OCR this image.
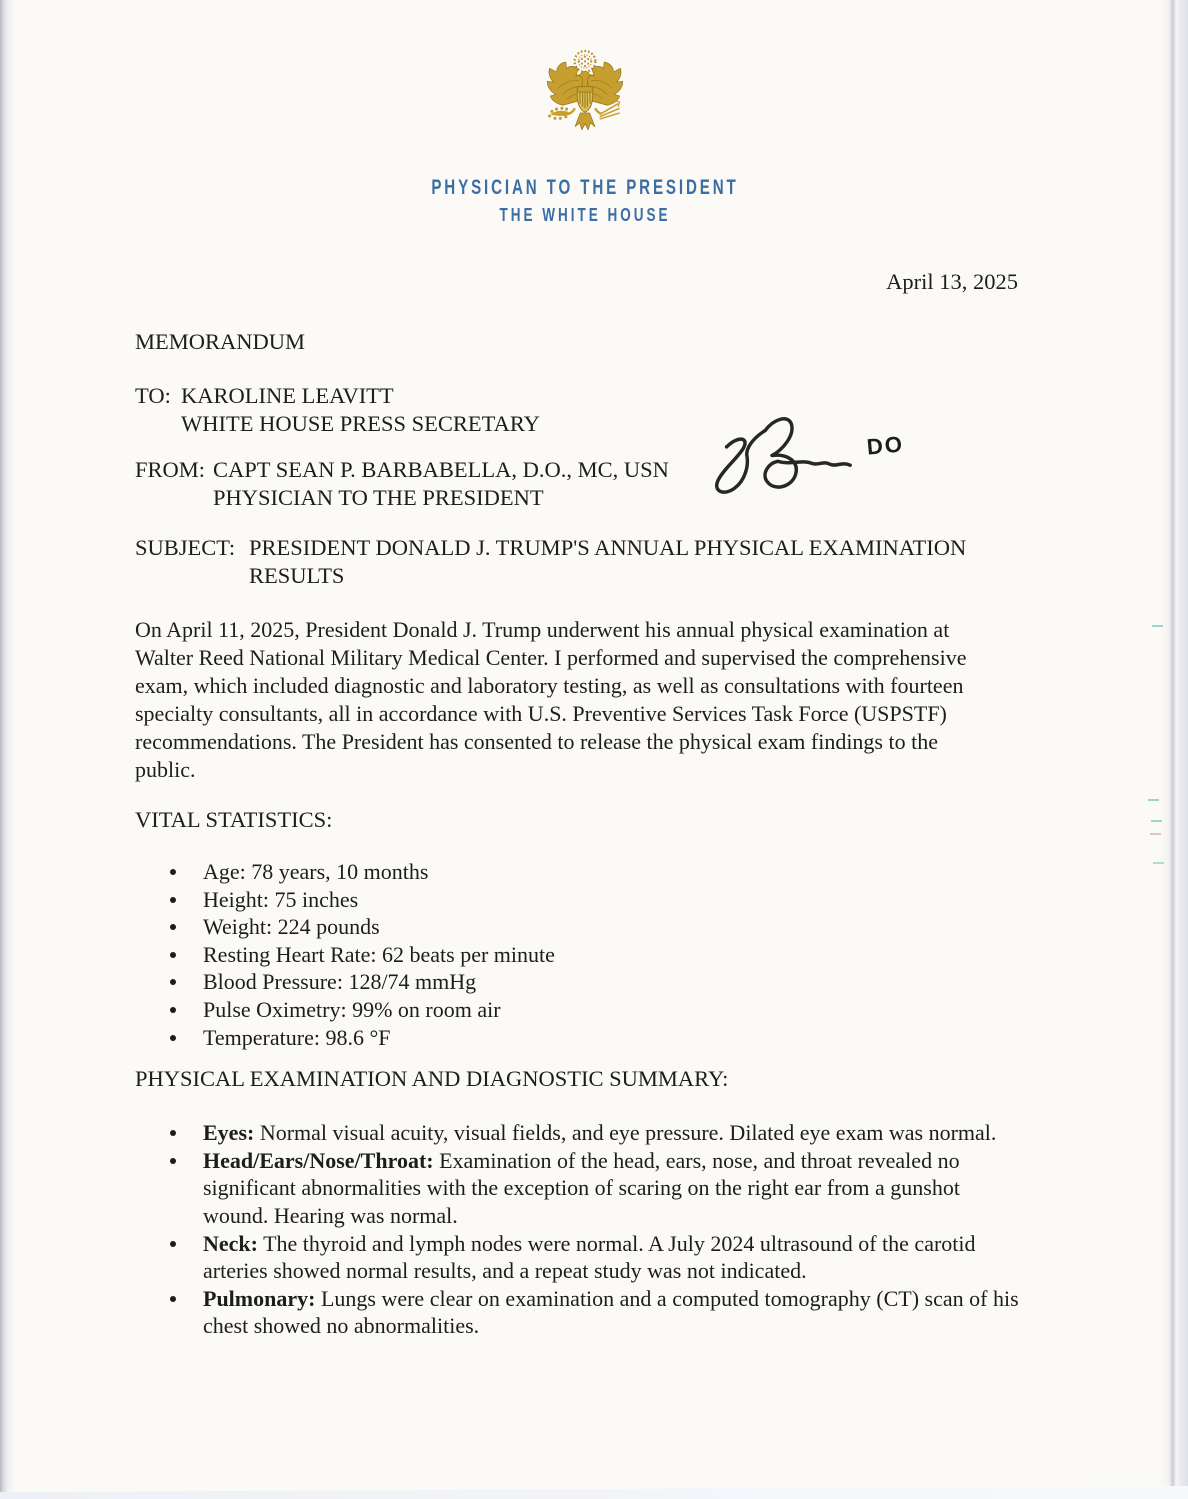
PHYSICIAN TO THE PRESIDENT
THE WHITE HOUSE
April 13, 2025
MEMORANDUM
TO: KAROLINE LEAVITT
WHITE HOUSE PRESS SECRETARY
FROM: CAPT SEAN P. BARBABELLA, D.O., MC, USN
PHYSICIAN TO THE PRESIDENT
DO
SUBJECT: PRESIDENT DONALD J. TRUMP'S ANNUAL PHYSICAL EXAMINATION
RESULTS
On April 11, 2025, President Donald J. Trump underwent his annual physical examination at Walter Reed National Military Medical Center. I performed and supervised the comprehensive exam, which included diagnostic and laboratory testing, as well as consultations with fourteen specialty consultants, all in accordance with U.S. Preventive Services Task Force (USPSTF) recommendations. The President has consented to release the physical exam findings to the public.
VITAL STATISTICS:
Age: 78 years, 10 months
Height: 75 inches
Weight: 224 pounds
Resting Heart Rate: 62 beats per minute
Blood Pressure: 128/74 mmHg
Pulse Oximetry: 99% on room air
Temperature: 98.6 °F
PHYSICAL EXAMINATION AND DIAGNOSTIC SUMMARY:
Eyes: Normal visual acuity, visual fields, and eye pressure. Dilated eye exam was normal.
Head/Ears/Nose/Throat: Examination of the head, ears, nose, and throat revealed no significant abnormalities with the exception of scaring on the right ear from a gunshot wound. Hearing was normal.
Neck: The thyroid and lymph nodes were normal. A July 2024 ultrasound of the carotid arteries showed normal results, and a repeat study was not indicated.
Pulmonary: Lungs were clear on examination and a computed tomography (CT) scan of his chest showed no abnormalities.
